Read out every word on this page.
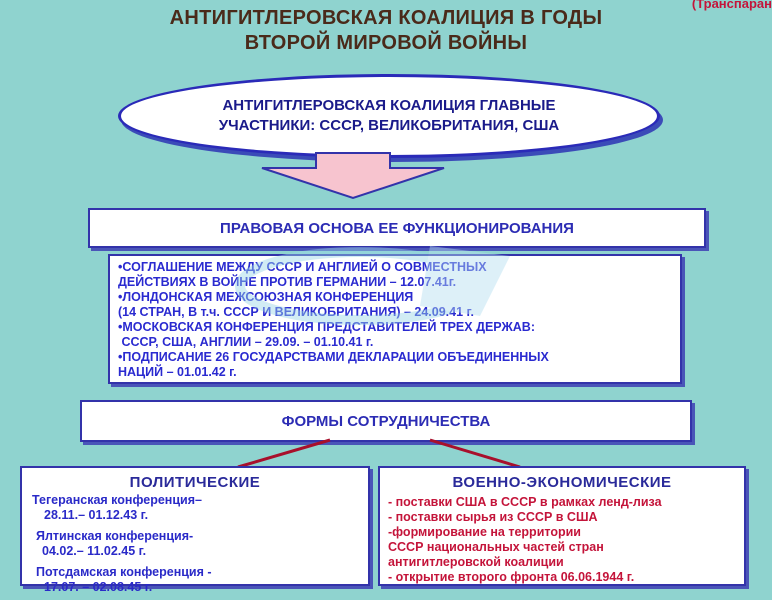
(Транспаран
АНТИГИТЛЕРОВСКАЯ КОАЛИЦИЯ В ГОДЫ
ВТОРОЙ МИРОВОЙ ВОЙНЫ
АНТИГИТЛЕРОВСКАЯ КОАЛИЦИЯ ГЛАВНЫЕ
УЧАСТНИКИ: СССР, ВЕЛИКОБРИТАНИЯ, США
ПРАВОВАЯ ОСНОВА ЕЕ ФУНКЦИОНИРОВАНИЯ
•СОГЛАШЕНИЕ МЕЖДУ СССР И АНГЛИЕЙ О СОВМЕСТНЫХ
ДЕЙСТВИЯХ В ВОЙНЕ ПРОТИВ ГЕРМАНИИ – 12.07.41г.
•ЛОНДОНСКАЯ МЕЖСОЮЗНАЯ КОНФЕРЕНЦИЯ
(14 СТРАН, В т.ч. СССР И ВЕЛИКОБРИТАНИЯ) – 24.09.41 г.
•МОСКОВСКАЯ КОНФЕРЕНЦИЯ ПРЕДСТАВИТЕЛЕЙ ТРЕХ ДЕРЖАВ:
СССР, США, АНГЛИИ – 29.09. – 01.10.41 г.
•ПОДПИСАНИЕ 26 ГОСУДАРСТВАМИ ДЕКЛАРАЦИИ ОБЪЕДИНЕННЫХ
НАЦИЙ – 01.01.42 г.
ФОРМЫ СОТРУДНИЧЕСТВА
ПОЛИТИЧЕСКИЕ
Тегеранская конференция–
28.11.– 01.12.43 г.
Ялтинская конференция-
04.02.– 11.02.45 г.
Потсдамская конференция -
17.07. – 02.08.45 г.
ВОЕННО-ЭКОНОМИЧЕСКИЕ
- поставки США в СССР в рамках ленд-лиза
- поставки сырья из СССР в США
-формирование на территории
СССР национальных частей стран
антигитлеровской коалиции
- открытие второго фронта 06.06.1944 г.
